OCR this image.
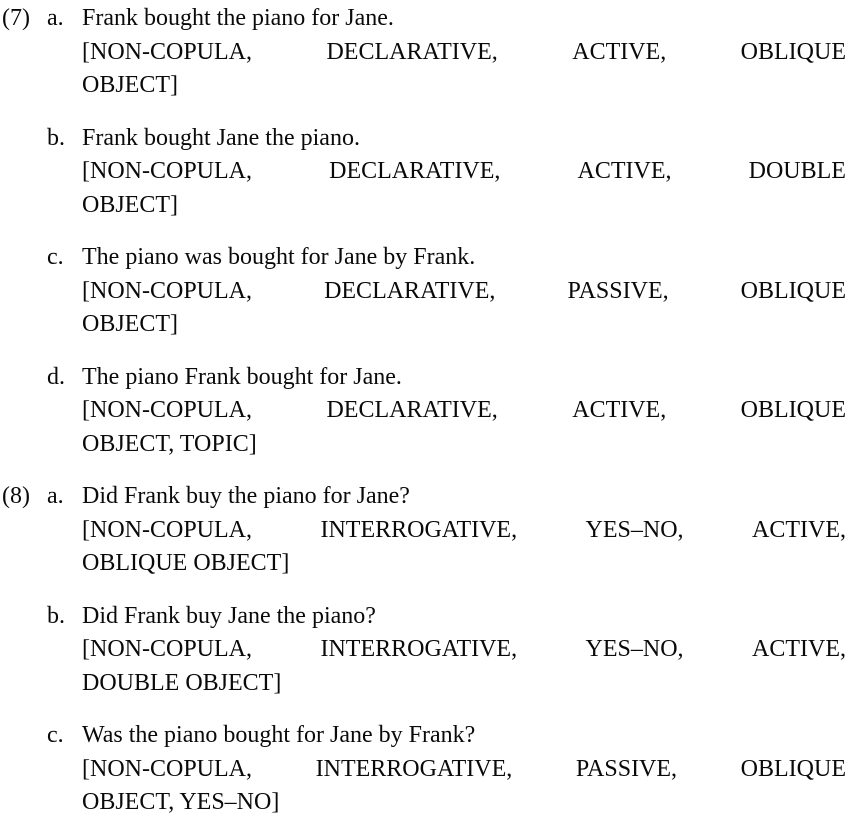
(7) a. Frank bought the piano for Jane.
[NON-COPULA,	DECLARATIVE,	ACTIVE,	OBLIQUE
OBJECT]
b. Frank bought Jane the piano.
[NON-COPULA,	DECLARATIVE,	ACTIVE,	DOUBLE
OBJECT]
c. The piano was bought for Jane by Frank.
[NON-COPULA,	DECLARATIVE,	PASSIVE,	OBLIQUE
OBJECT]
d. The piano Frank bought for Jane.
[NON-COPULA,	DECLARATIVE,	ACTIVE,	OBLIQUE
OBJECT, TOPIC]
(8) a. Did Frank buy the piano for Jane?
[NON-COPULA,	INTERROGATIVE,	YES–NO,	ACTIVE,
OBLIQUE OBJECT]
b. Did Frank buy Jane the piano?
[NON-COPULA,	INTERROGATIVE,	YES–NO,	ACTIVE,
DOUBLE OBJECT]
c. Was the piano bought for Jane by Frank?
[NON-COPULA,	INTERROGATIVE,	PASSIVE,	OBLIQUE
OBJECT, YES–NO]
